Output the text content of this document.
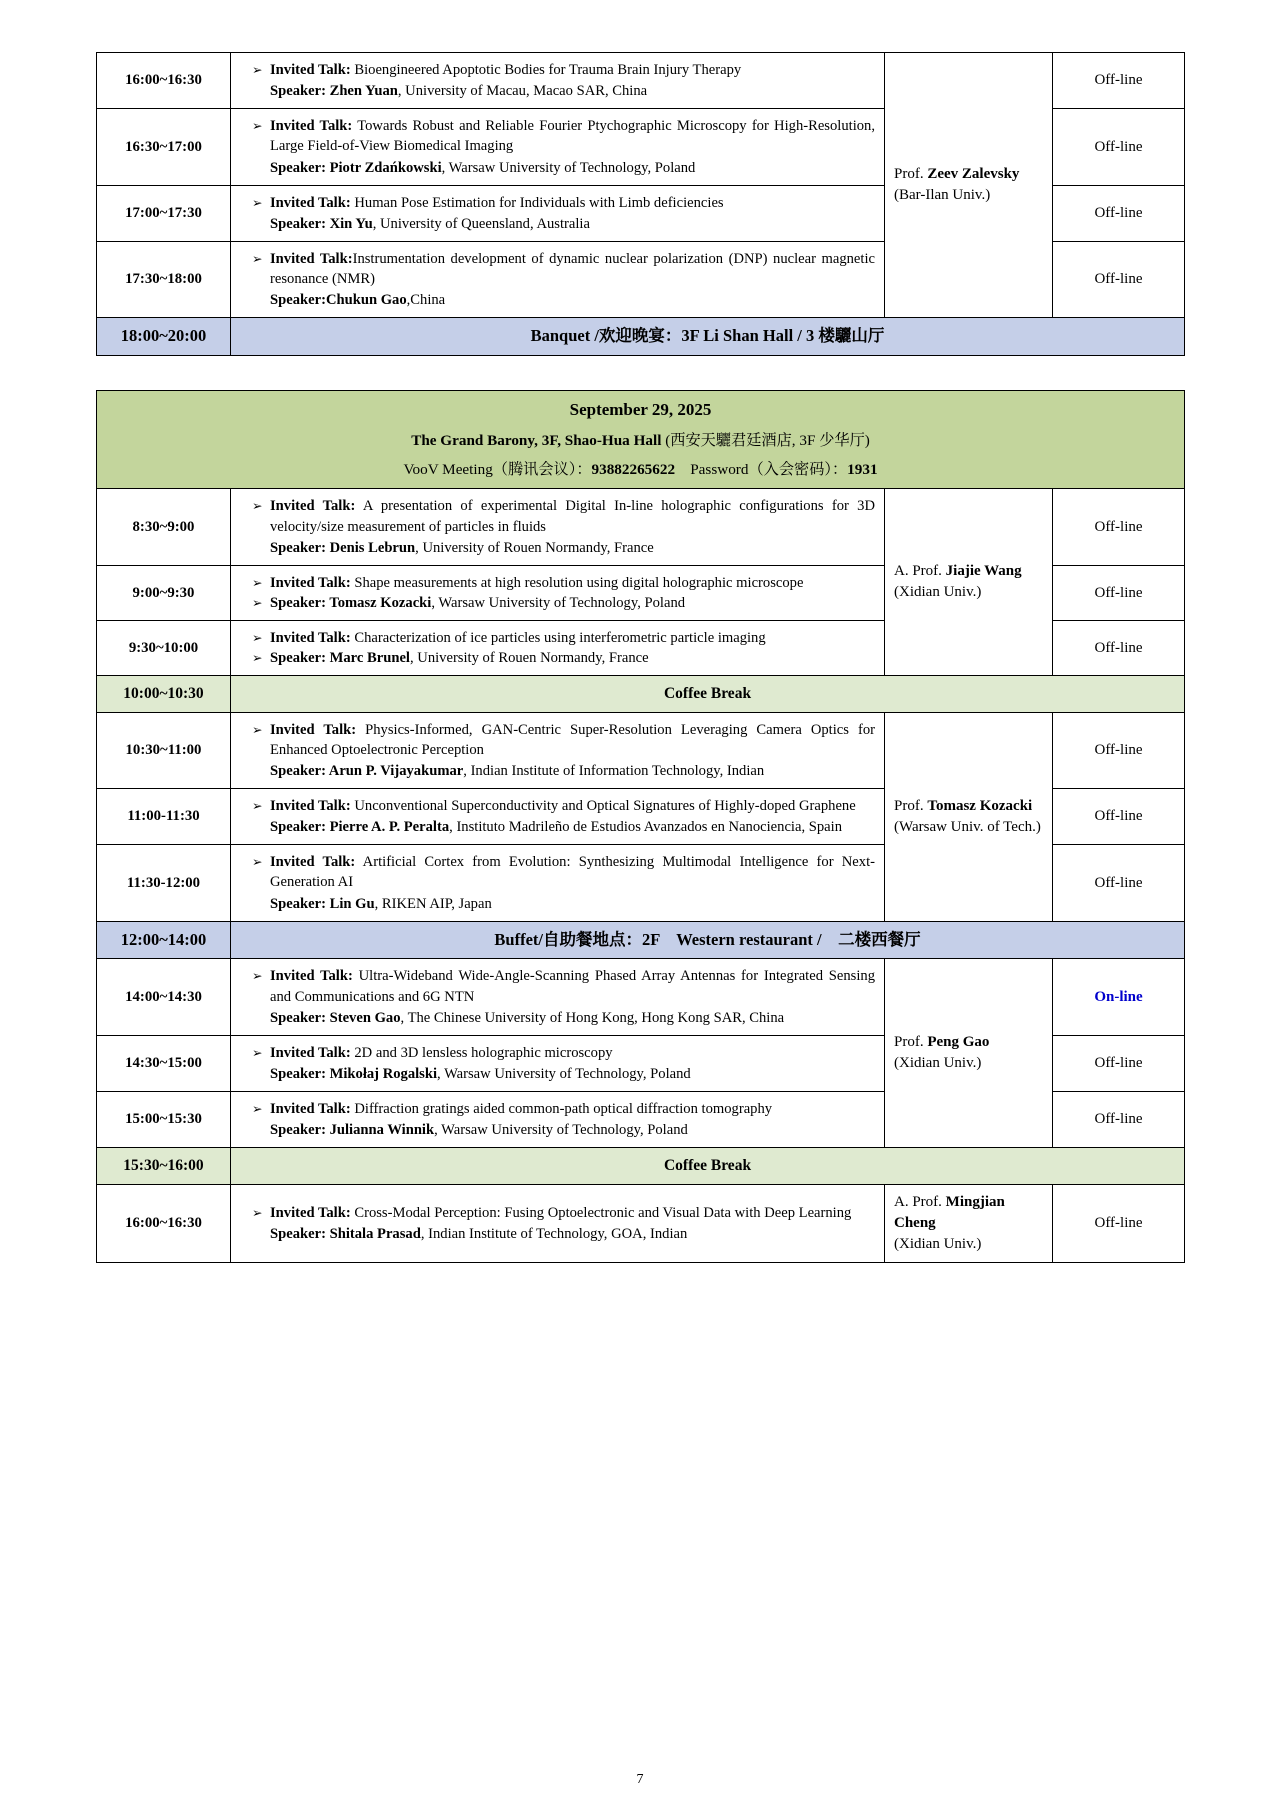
16:00~16:30	➢ Invited Talk: Bioengineered Apoptotic Bodies for Trauma Brain Injury Therapy
Speaker: Zhen Yuan, University of Macau, Macao SAR, China	Prof. Zeev Zalevsky
(Bar-Ilan Univ.)	Off-line
16:30~17:00	➢ Invited Talk: Towards Robust and Reliable Fourier Ptychographic Microscopy for High-Resolution, Large Field-of-View Biomedical Imaging
Speaker: Piotr Zdańkowski, Warsaw University of Technology, Poland		Off-line
17:00~17:30	➢ Invited Talk: Human Pose Estimation for Individuals with Limb deficiencies
Speaker: Xin Yu, University of Queensland, Australia		Off-line
17:30~18:00	➢ Invited Talk:Instrumentation development of dynamic nuclear polarization (DNP) nuclear magnetic resonance (NMR)
Speaker:Chukun Gao,China		Off-line
18:00~20:00	Banquet /欢迎晚宴：3F Li Shan Hall / 3 楼驪山厅		
September 29, 2025
The Grand Barony, 3F, Shao-Hua Hall (西安天驪君廷酒店, 3F 少华厅)
VooV Meeting（腾讯会议）：93882265622 Password（入会密码）：1931			

8:30~9:00	➢ Invited Talk: A presentation of experimental Digital In-line holographic configurations for 3D velocity/size measurement of particles in fluids
Speaker: Denis Lebrun, University of Rouen Normandy, France	A. Prof. Jiajie Wang
(Xidian Univ.)	Off-line
9:00~9:30	➢ Invited Talk: Shape measurements at high resolution using digital holographic microscope
➢ Speaker: Tomasz Kozacki, Warsaw University of Technology, Poland		Off-line
9:30~10:00	➢ Invited Talk: Characterization of ice particles using interferometric particle imaging
➢ Speaker: Marc Brunel, University of Rouen Normandy, France		Off-line
10:00~10:30	Coffee Break		
10:30~11:00	➢ Invited Talk: Physics-Informed, GAN-Centric Super-Resolution Leveraging Camera Optics for Enhanced Optoelectronic Perception
Speaker: Arun P. Vijayakumar, Indian Institute of Information Technology, Indian	Prof. Tomasz Kozacki (Warsaw Univ. of Tech.)	Off-line
11:00-11:30	➢ Invited Talk: Unconventional Superconductivity and Optical Signatures of Highly-doped Graphene
Speaker: Pierre A. P. Peralta, Instituto Madrileño de Estudios Avanzados en Nanociencia, Spain		Off-line
11:30-12:00	➢ Invited Talk: Artificial Cortex from Evolution: Synthesizing Multimodal Intelligence for Next-Generation AI
Speaker: Lin Gu, RIKEN AIP, Japan		Off-line
12:00~14:00	Buffet/自助餐地点：2F　Western restaurant /　二楼西餐厅		
14:00~14:30	➢ Invited Talk: Ultra-Wideband Wide-Angle-Scanning Phased Array Antennas for Integrated Sensing and Communications and 6G NTN
Speaker: Steven Gao, The Chinese University of Hong Kong, Hong Kong SAR, China	Prof. Peng Gao
(Xidian Univ.)	On-line
14:30~15:00	➢ Invited Talk: 2D and 3D lensless holographic microscopy
Speaker: Mikołaj Rogalski, Warsaw University of Technology, Poland		Off-line
15:00~15:30	➢ Invited Talk: Diffraction gratings aided common-path optical diffraction tomography
Speaker: Julianna Winnik, Warsaw University of Technology, Poland		Off-line
15:30~16:00	Coffee Break		
16:00~16:30	➢ Invited Talk: Cross-Modal Perception: Fusing Optoelectronic and Visual Data with Deep Learning
Speaker: Shitala Prasad, Indian Institute of Technology, GOA, Indian	A. Prof. Mingjian Cheng
(Xidian Univ.)	Off-line
7
